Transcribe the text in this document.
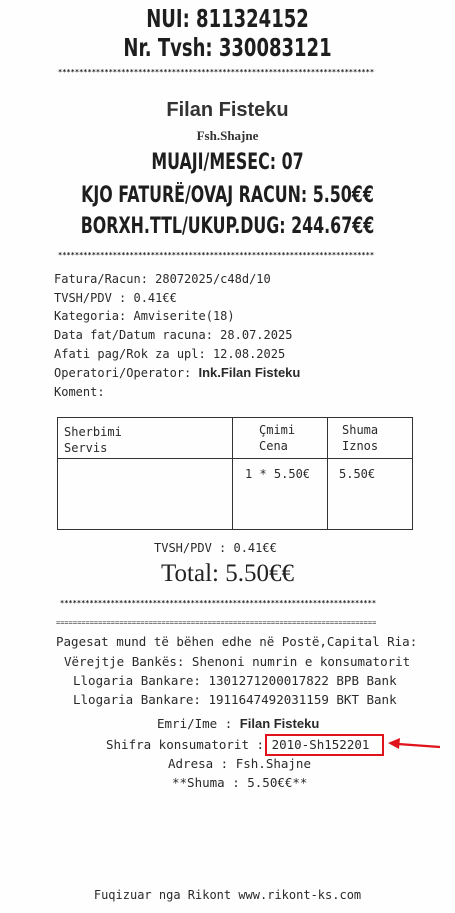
NUI: 811324152
Nr. Tvsh: 330083121
***************************************************************************
Filan Fisteku
Fsh.Shajne
MUAJI/MESEC: 07
KJO FATURË/OVAJ RACUN: 5.50€€
BORXH.TTL/UKUP.DUG: 244.67€€
***************************************************************************
Fatura/Racun: 28072025/c48d/10
TVSH/PDV : 0.41€€
Kategoria: Amviserite(18)
Data fat/Datum racuna: 28.07.2025
Afati pag/Rok za upl: 12.08.2025
Operatori/Operator: Ink.Filan Fisteku
Koment:
Sherbimi
Servis
Çmimi
Cena
Shuma
Iznos
1 * 5.50€ 5.50€
TVSH/PDV : 0.41€€
Total: 5.50€€
***************************************************************************
============================================================================
Pagesat mund të bëhen edhe në Postë,Capital Ria:
Vërejtje Bankës: Shenoni numrin e konsumatorit
Llogaria Bankare: 1301271200017822 BPB Bank
Llogaria Bankare: 1911647492031159 BKT Bank
Emri/Ime : Filan Fisteku
Shifra konsumatorit : 2010-Sh152201
Adresa : Fsh.Shajne
**Shuma : 5.50€€**
Fuqizuar nga Rikont www.rikont-ks.com
